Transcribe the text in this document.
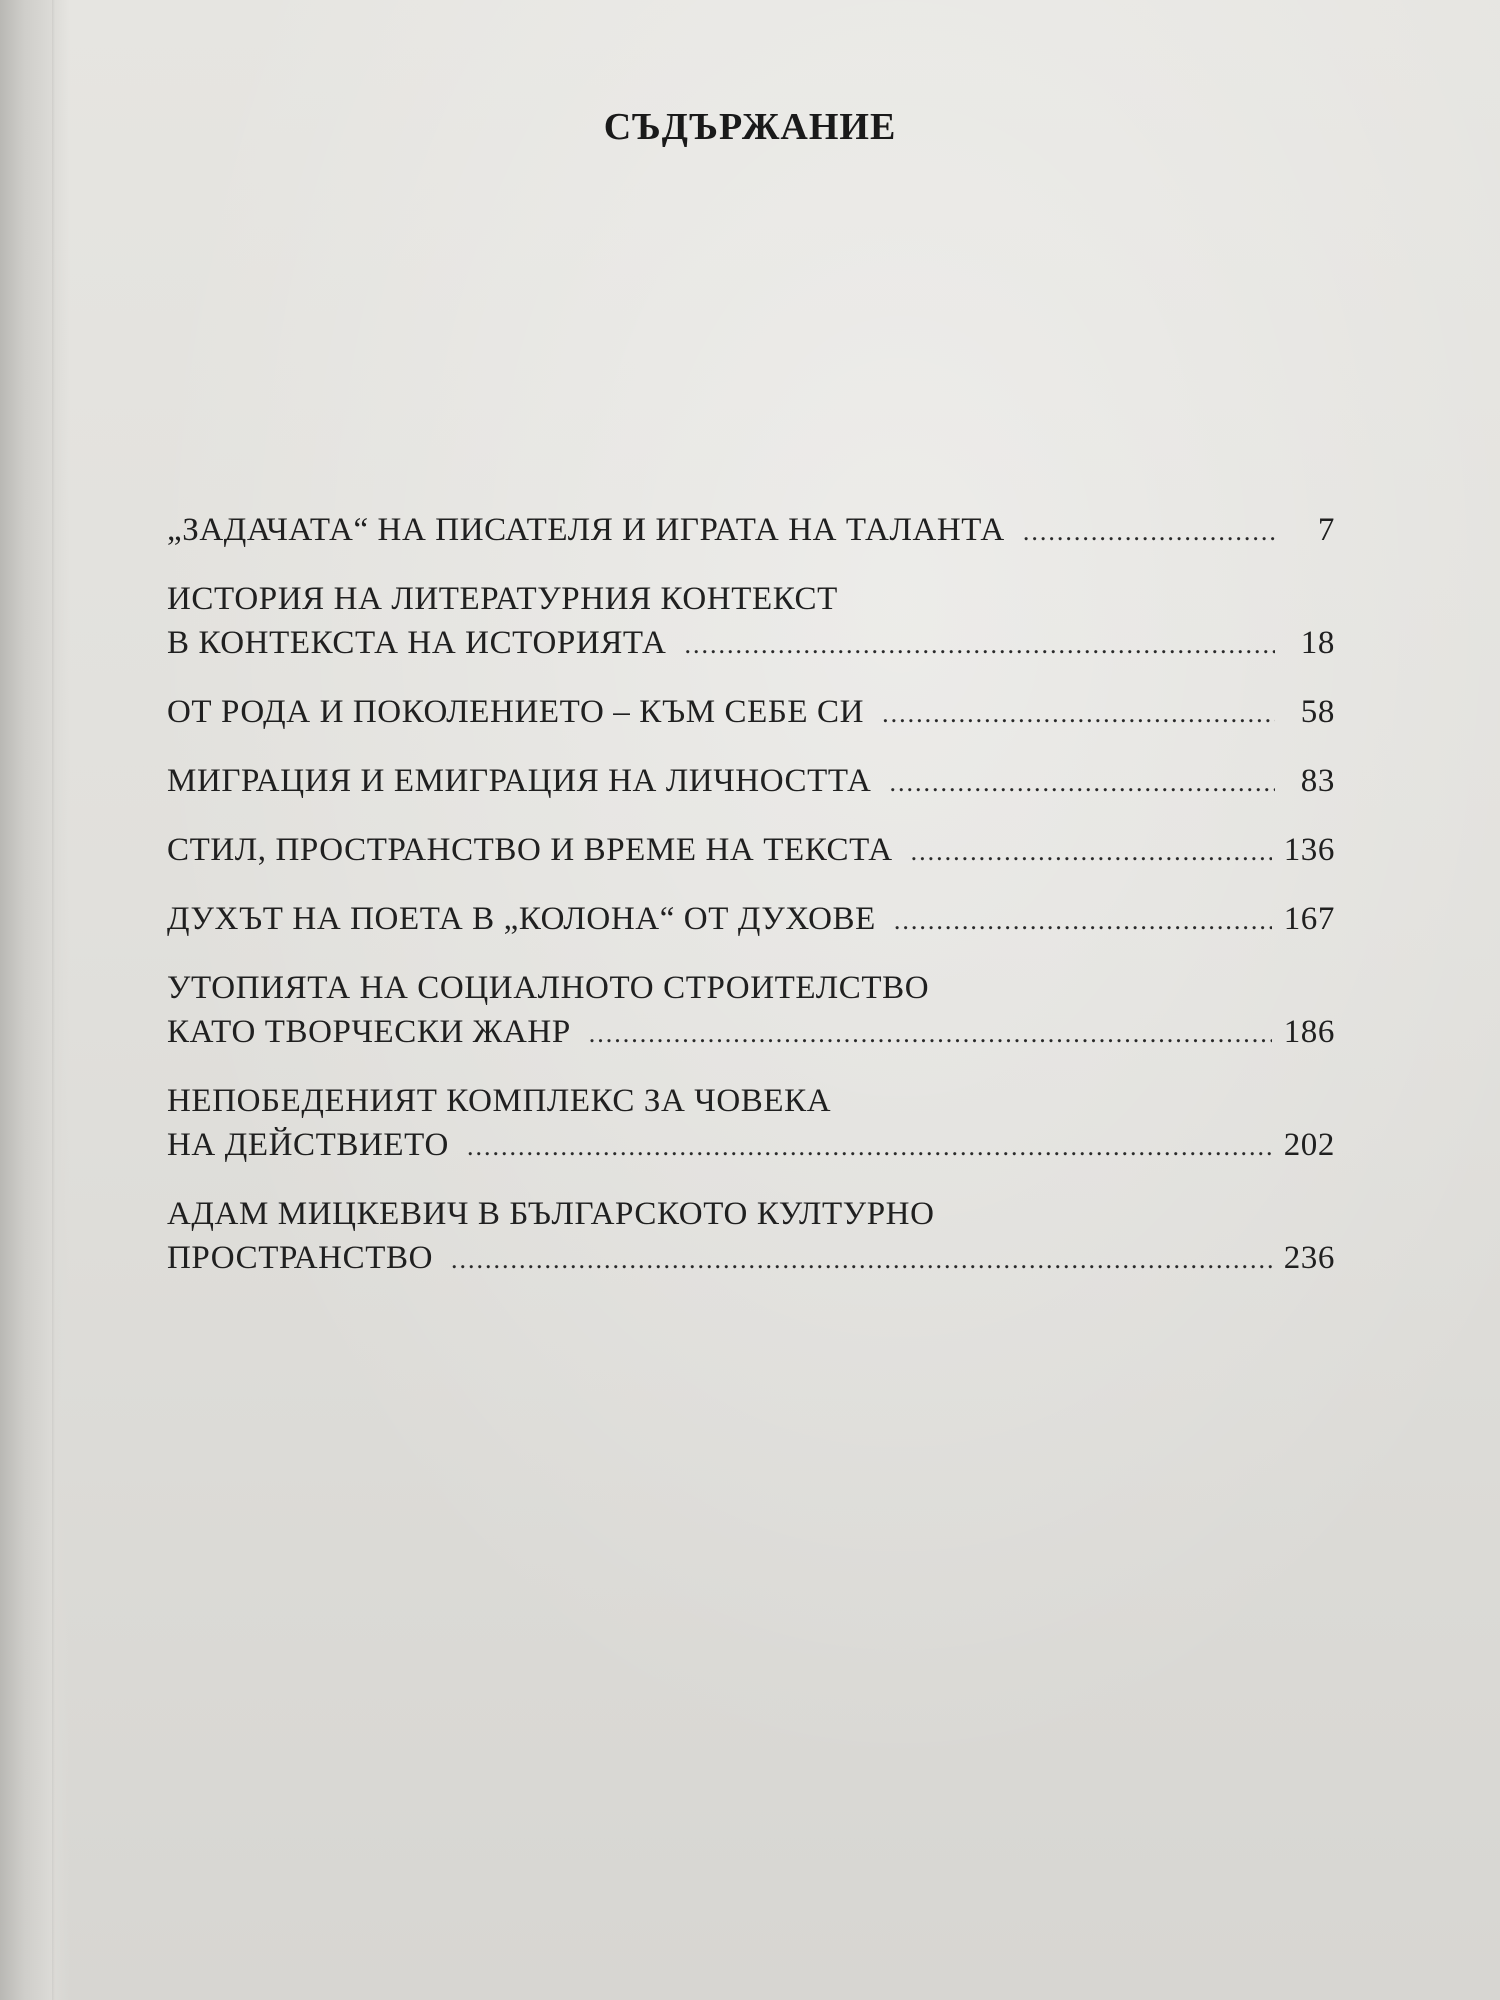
СЪДЪРЖАНИЕ
„ЗАДАЧАТА“ НА ПИСАТЕЛЯ И ИГРАТА НА ТАЛАНТА .....	7
ИСТОРИЯ НА ЛИТЕРАТУРНИЯ КОНТЕКСТ
В КОНТЕКСТА НА ИСТОРИЯТА .....	18
ОТ РОДА И ПОКОЛЕНИЕТО – КЪМ СЕБЕ СИ .....	58
МИГРАЦИЯ И ЕМИГРАЦИЯ НА ЛИЧНОСТТА .....	83
СТИЛ, ПРОСТРАНСТВО И ВРЕМЕ НА ТЕКСТА .....	136
ДУХЪТ НА ПОЕТА В „КОЛОНА“ ОТ ДУХОВЕ .....	167
УТОПИЯТА НА СОЦИАЛНОТО СТРОИТЕЛСТВО
КАТО ТВОРЧЕСКИ ЖАНР .....	186
НЕПОБЕДЕНИЯТ КОМПЛЕКС ЗА ЧОВЕКА
НА ДЕЙСТВИЕТО .....	202
АДАМ МИЦКЕВИЧ В БЪЛГАРСКОТО КУЛТУРНО
ПРОСТРАНСТВО .....	236
